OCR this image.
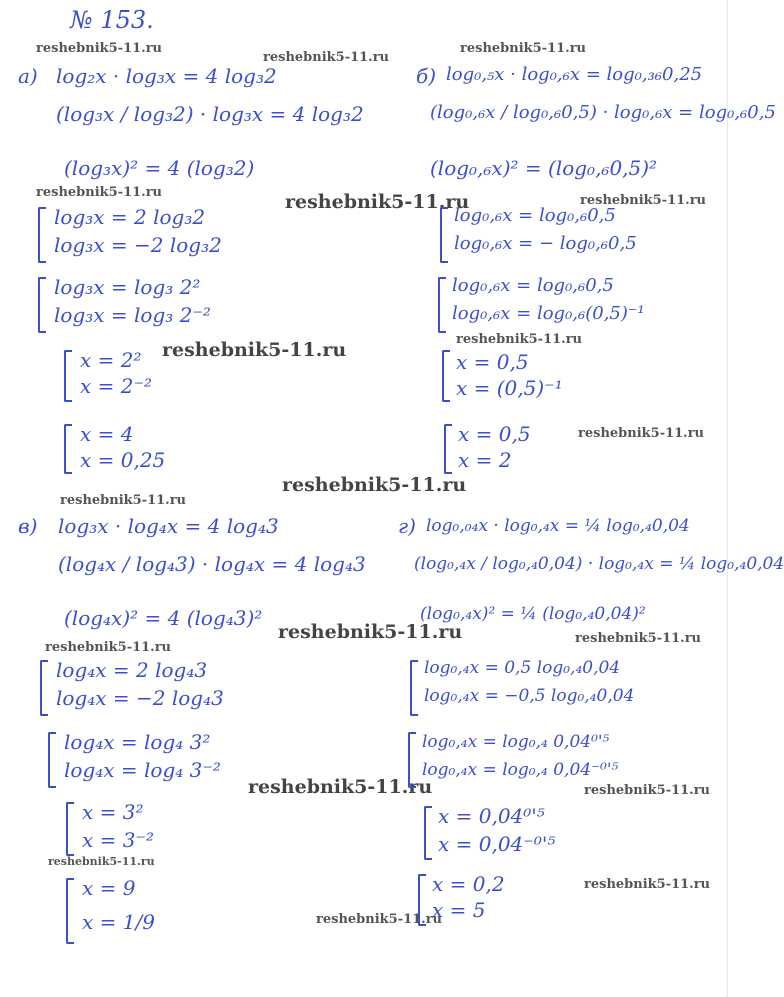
№ 153.
reshebnik5-11.ru
reshebnik5-11.ru
reshebnik5-11.ru
reshebnik5-11.ru	reshebnik5-11.ru	reshebnik5-11.ru
reshebnik5-11.ru	reshebnik5-11.ru
reshebnik5-11.ru
reshebnik5-11.ru
reshebnik5-11.ru
reshebnik5-11.ru
reshebnik5-11.ru
reshebnik5-11.ru
reshebnik5-11.ru	reshebnik5-11.ru
reshebnik5-11.ru
reshebnik5-11.ru
reshebnik5-11.ru
а) log₂x · log₃x = 4 log₃2
(log₃x / log₃2) · log₃x = 4 log₃2
(log₃x)² = 4 (log₃2)
log₃x = 2 log₃2
log₃x = −2 log₃2
log₃x = log₃ 2²
log₃x = log₃ 2⁻²
x = 2²
x = 2⁻²
x = 4
x = 0,25
б) log₀,₅x · log₀,₆x = log₀,₃₆0,25
(log₀,₆x / log₀,₆0,5) · log₀,₆x = log₀,₆0,5
(log₀,₆x)² = (log₀,₆0,5)²
log₀,₆x = log₀,₆0,5
log₀,₆x = − log₀,₆0,5
log₀,₆x = log₀,₆0,5
log₀,₆x = log₀,₆(0,5)⁻¹
x = 0,5
x = (0,5)⁻¹
x = 0,5
x = 2
в) log₃x · log₄x = 4 log₄3
(log₄x / log₄3) · log₄x = 4 log₄3
(log₄x)² = 4 (log₄3)²
log₄x = 2 log₄3
log₄x = −2 log₄3
log₄x = log₄ 3²
log₄x = log₄ 3⁻²
x = 3²
x = 3⁻²
x = 9
x = 1/9
г) log₀,₀₄x · log₀,₄x = ¼ log₀,₄0,04
(log₀,₄x / log₀,₄0,04) · log₀,₄x = ¼ log₀,₄0,04
(log₀,₄x)² = ¼ (log₀,₄0,04)²
log₀,₄x = 0,5 log₀,₄0,04
log₀,₄x = −0,5 log₀,₄0,04
log₀,₄x = log₀,₄ 0,04⁰'⁵
log₀,₄x = log₀,₄ 0,04⁻⁰'⁵
x = 0,04⁰'⁵
x = 0,04⁻⁰'⁵
x = 0,2
x = 5
